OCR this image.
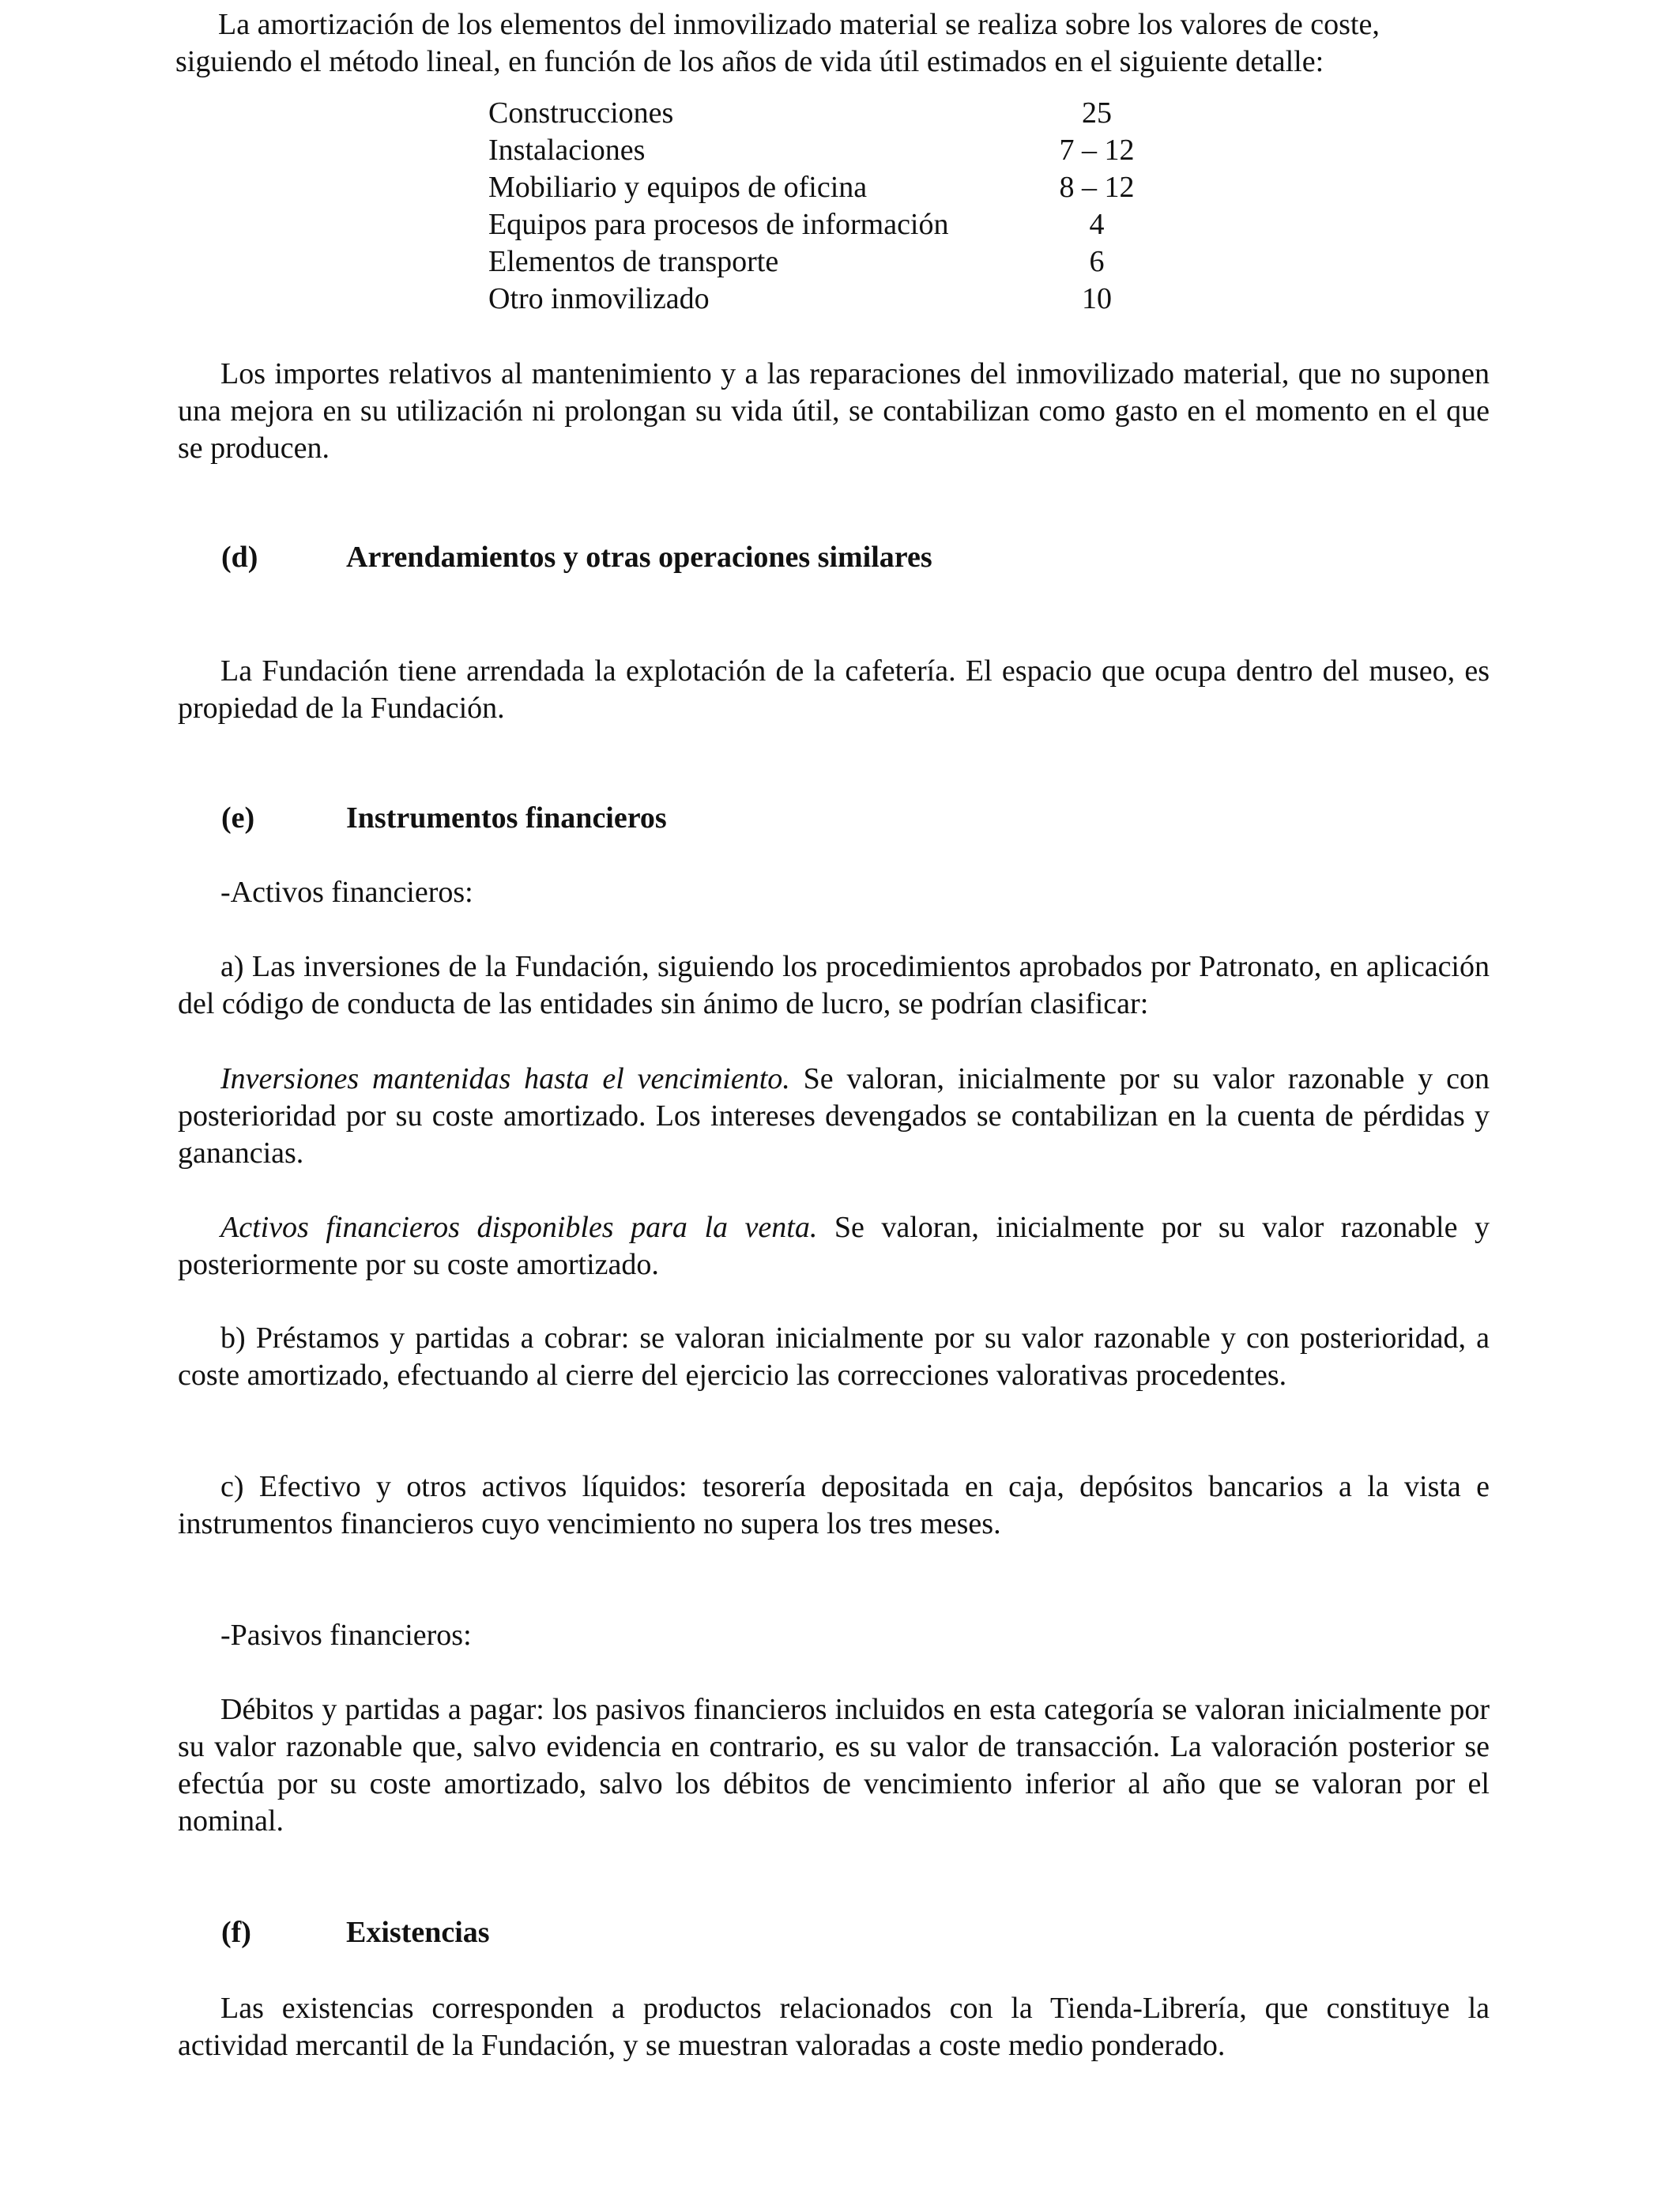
La amortización de los elementos del inmovilizado material se realiza sobre los valores de coste, siguiendo el método lineal, en función de los años de vida útil estimados en el siguiente detalle:

Construcciones	25
Instalaciones	7 – 12
Mobiliario y equipos de oficina	8 – 12
Equipos para procesos de información	4
Elementos de transporte	6
Otro inmovilizado	10

Los importes relativos al mantenimiento y a las reparaciones del inmovilizado material, que no suponen una mejora en su utilización ni prolongan su vida útil, se contabilizan como gasto en el momento en el que se producen.

(d)	Arrendamientos y otras operaciones similares

La Fundación tiene arrendada la explotación de la cafetería. El espacio que ocupa dentro del museo, es propiedad de la Fundación.

(e)	Instrumentos financieros

-Activos financieros:

a) Las inversiones de la Fundación, siguiendo los procedimientos aprobados por Patronato, en aplicación del código de conducta de las entidades sin ánimo de lucro, se podrían clasificar:

Inversiones mantenidas hasta el vencimiento. Se valoran, inicialmente por su valor razonable y con posterioridad por su coste amortizado. Los intereses devengados se contabilizan en la cuenta de pérdidas y ganancias.

Activos financieros disponibles para la venta. Se valoran, inicialmente por su valor razonable y posteriormente por su coste amortizado.

b) Préstamos y partidas a cobrar: se valoran inicialmente por su valor razonable y con posterioridad, a coste amortizado, efectuando al cierre del ejercicio las correcciones valorativas procedentes.

c) Efectivo y otros activos líquidos: tesorería depositada en caja, depósitos bancarios a la vista e instrumentos financieros cuyo vencimiento no supera los tres meses.

-Pasivos financieros:

Débitos y partidas a pagar: los pasivos financieros incluidos en esta categoría se valoran inicialmente por su valor razonable que, salvo evidencia en contrario, es su valor de transacción. La valoración posterior se efectúa por su coste amortizado, salvo los débitos de vencimiento inferior al año que se valoran por el nominal.

(f)	Existencias

Las existencias corresponden a productos relacionados con la Tienda-Librería, que constituye la actividad mercantil de la Fundación, y se muestran valoradas a coste medio ponderado.
